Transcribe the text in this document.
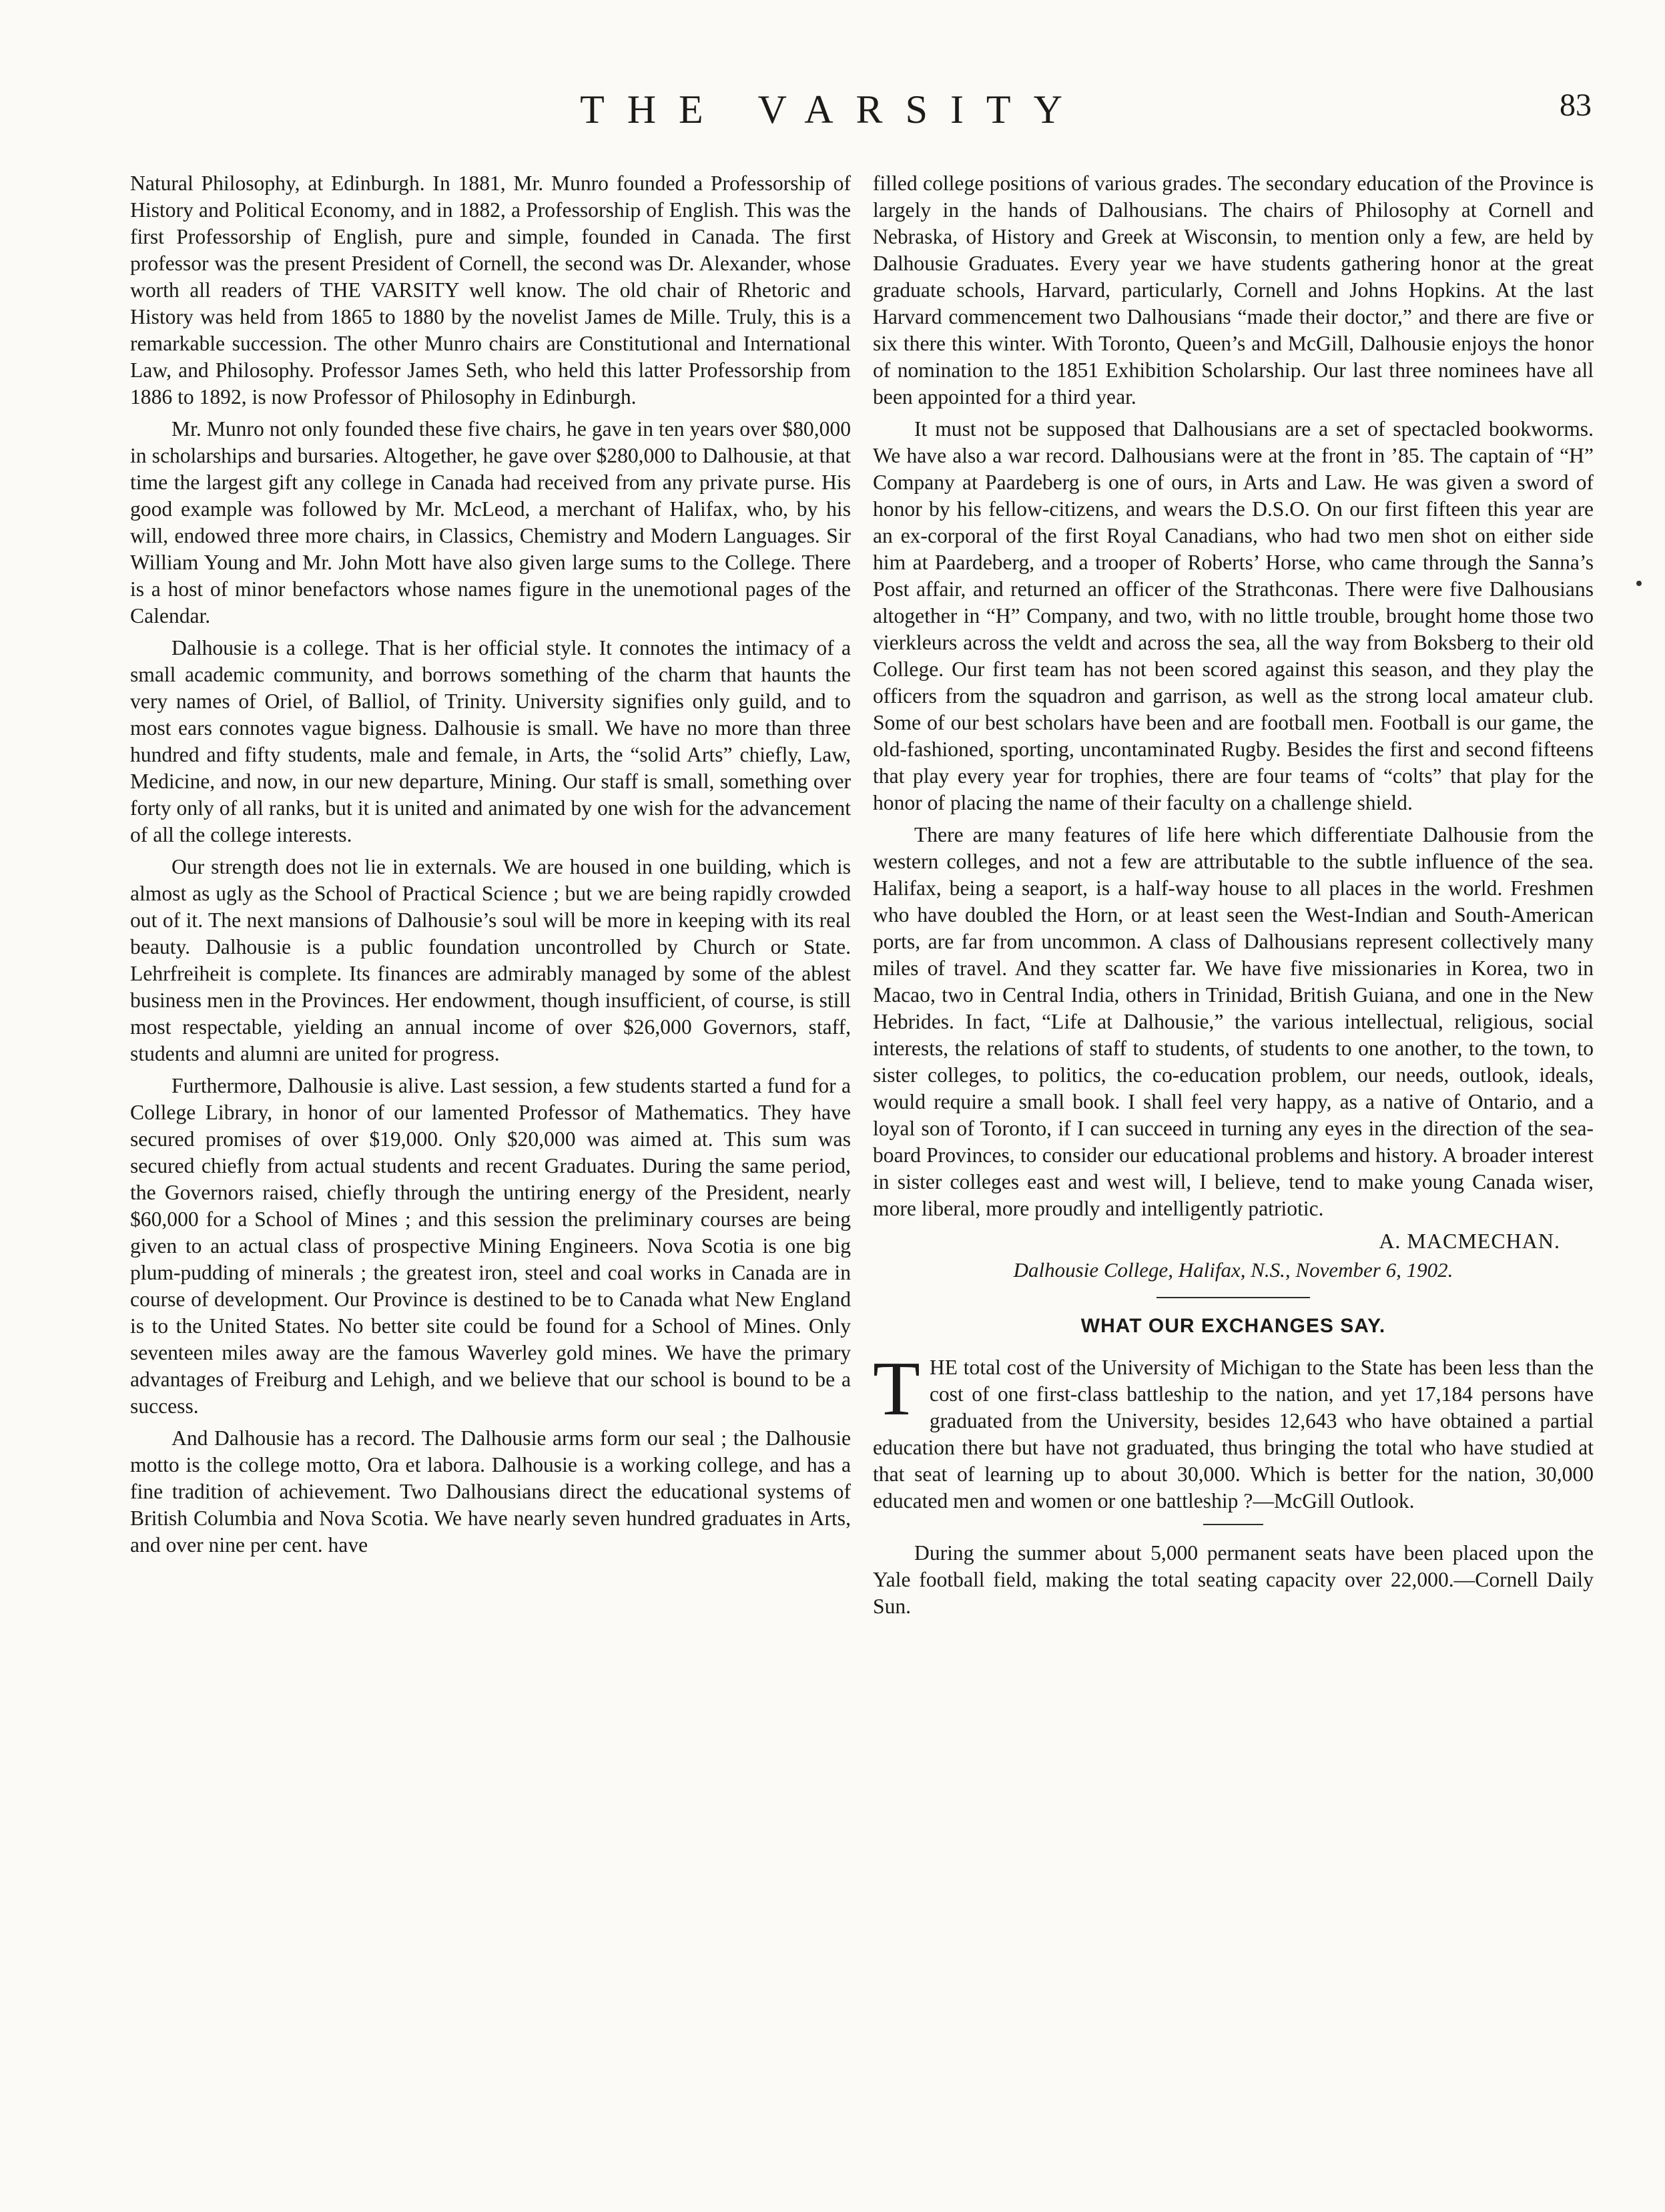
THE VARSITY	83

Natural Philosophy, at Edinburgh. In 1881, Mr. Munro founded a Professorship of History and Political Economy, and in 1882, a Professorship of English. This was the first Professorship of English, pure and simple, founded in Canada. The first professor was the present President of Cornell, the second was Dr. Alexander, whose worth all readers of THE VARSITY well know. The old chair of Rhetoric and History was held from 1865 to 1880 by the novelist James de Mille. Truly, this is a remarkable succession. The other Munro chairs are Constitutional and International Law, and Philosophy. Professor James Seth, who held this latter Professorship from 1886 to 1892, is now Professor of Philosophy in Edinburgh.

Mr. Munro not only founded these five chairs, he gave in ten years over $80,000 in scholarships and bursaries. Altogether, he gave over $280,000 to Dalhousie, at that time the largest gift any college in Canada had received from any private purse. His good example was followed by Mr. McLeod, a merchant of Halifax, who, by his will, endowed three more chairs, in Classics, Chemistry and Modern Languages. Sir William Young and Mr. John Mott have also given large sums to the College. There is a host of minor benefactors whose names figure in the unemotional pages of the Calendar.

Dalhousie is a college. That is her official style. It connotes the intimacy of a small academic community, and borrows something of the charm that haunts the very names of Oriel, of Balliol, of Trinity. University signifies only guild, and to most ears connotes vague bigness. Dalhousie is small. We have no more than three hundred and fifty students, male and female, in Arts, the “solid Arts” chiefly, Law, Medicine, and now, in our new departure, Mining. Our staff is small, something over forty only of all ranks, but it is united and animated by one wish for the advancement of all the college interests.

Our strength does not lie in externals. We are housed in one building, which is almost as ugly as the School of Practical Science ; but we are being rapidly crowded out of it. The next mansions of Dalhousie’s soul will be more in keeping with its real beauty. Dalhousie is a public foundation uncontrolled by Church or State. Lehrfreiheit is complete. Its finances are admirably managed by some of the ablest business men in the Provinces. Her endowment, though insufficient, of course, is still most respectable, yielding an annual income of over $26,000 Governors, staff, students and alumni are united for progress.

Furthermore, Dalhousie is alive. Last session, a few students started a fund for a College Library, in honor of our lamented Professor of Mathematics. They have secured promises of over $19,000. Only $20,000 was aimed at. This sum was secured chiefly from actual students and recent Graduates. During the same period, the Governors raised, chiefly through the untiring energy of the President, nearly $60,000 for a School of Mines ; and this session the preliminary courses are being given to an actual class of prospective Mining Engineers. Nova Scotia is one big plum-pudding of minerals ; the greatest iron, steel and coal works in Canada are in course of development. Our Province is destined to be to Canada what New England is to the United States. No better site could be found for a School of Mines. Only seventeen miles away are the famous Waverley gold mines. We have the primary advantages of Freiburg and Lehigh, and we believe that our school is bound to be a success.

And Dalhousie has a record. The Dalhousie arms form our seal ; the Dalhousie motto is the college motto, Ora et labora. Dalhousie is a working college, and has a fine tradition of achievement. Two Dalhousians direct the educational systems of British Columbia and Nova Scotia. We have nearly seven hundred graduates in Arts, and over nine per cent. have

filled college positions of various grades. The secondary education of the Province is largely in the hands of Dalhousians. The chairs of Philosophy at Cornell and Nebraska, of History and Greek at Wisconsin, to mention only a few, are held by Dalhousie Graduates. Every year we have students gathering honor at the great graduate schools, Harvard, particularly, Cornell and Johns Hopkins. At the last Harvard commencement two Dalhousians “made their doctor,” and there are five or six there this winter. With Toronto, Queen’s and McGill, Dalhousie enjoys the honor of nomination to the 1851 Exhibition Scholarship. Our last three nominees have all been appointed for a third year.

It must not be supposed that Dalhousians are a set of spectacled bookworms. We have also a war record. Dalhousians were at the front in ’85. The captain of “H” Company at Paardeberg is one of ours, in Arts and Law. He was given a sword of honor by his fellow-citizens, and wears the D.S.O. On our first fifteen this year are an ex-corporal of the first Royal Canadians, who had two men shot on either side him at Paardeberg, and a trooper of Roberts’ Horse, who came through the Sanna’s Post affair, and returned an officer of the Strathconas. There were five Dalhousians altogether in “H” Company, and two, with no little trouble, brought home those two vierkleurs across the veldt and across the sea, all the way from Boksberg to their old College. Our first team has not been scored against this season, and they play the officers from the squadron and garrison, as well as the strong local amateur club. Some of our best scholars have been and are football men. Football is our game, the old-fashioned, sporting, uncontaminated Rugby. Besides the first and second fifteens that play every year for trophies, there are four teams of “colts” that play for the honor of placing the name of their faculty on a challenge shield.

There are many features of life here which differentiate Dalhousie from the western colleges, and not a few are attributable to the subtle influence of the sea. Halifax, being a seaport, is a half-way house to all places in the world. Freshmen who have doubled the Horn, or at least seen the West-Indian and South-American ports, are far from uncommon. A class of Dalhousians represent collectively many miles of travel. And they scatter far. We have five missionaries in Korea, two in Macao, two in Central India, others in Trinidad, British Guiana, and one in the New Hebrides. In fact, “Life at Dalhousie,” the various intellectual, religious, social interests, the relations of staff to students, of students to one another, to the town, to sister colleges, to politics, the co-education problem, our needs, outlook, ideals, would require a small book. I shall feel very happy, as a native of Ontario, and a loyal son of Toronto, if I can succeed in turning any eyes in the direction of the sea-board Provinces, to consider our educational problems and history. A broader interest in sister colleges east and west will, I believe, tend to make young Canada wiser, more liberal, more proudly and intelligently patriotic.

A. MACMECHAN.
Dalhousie College, Halifax, N.S., November 6, 1902.
WHAT OUR EXCHANGES SAY.

THE total cost of the University of Michigan to the State has been less than the cost of one first-class battleship to the nation, and yet 17,184 persons have graduated from the University, besides 12,643 who have obtained a partial education there but have not graduated, thus bringing the total who have studied at that seat of learning up to about 30,000. Which is better for the nation, 30,000 educated men and women or one battleship ?—McGill Outlook.

During the summer about 5,000 permanent seats have been placed upon the Yale football field, making the total seating capacity over 22,000.—Cornell Daily Sun.
